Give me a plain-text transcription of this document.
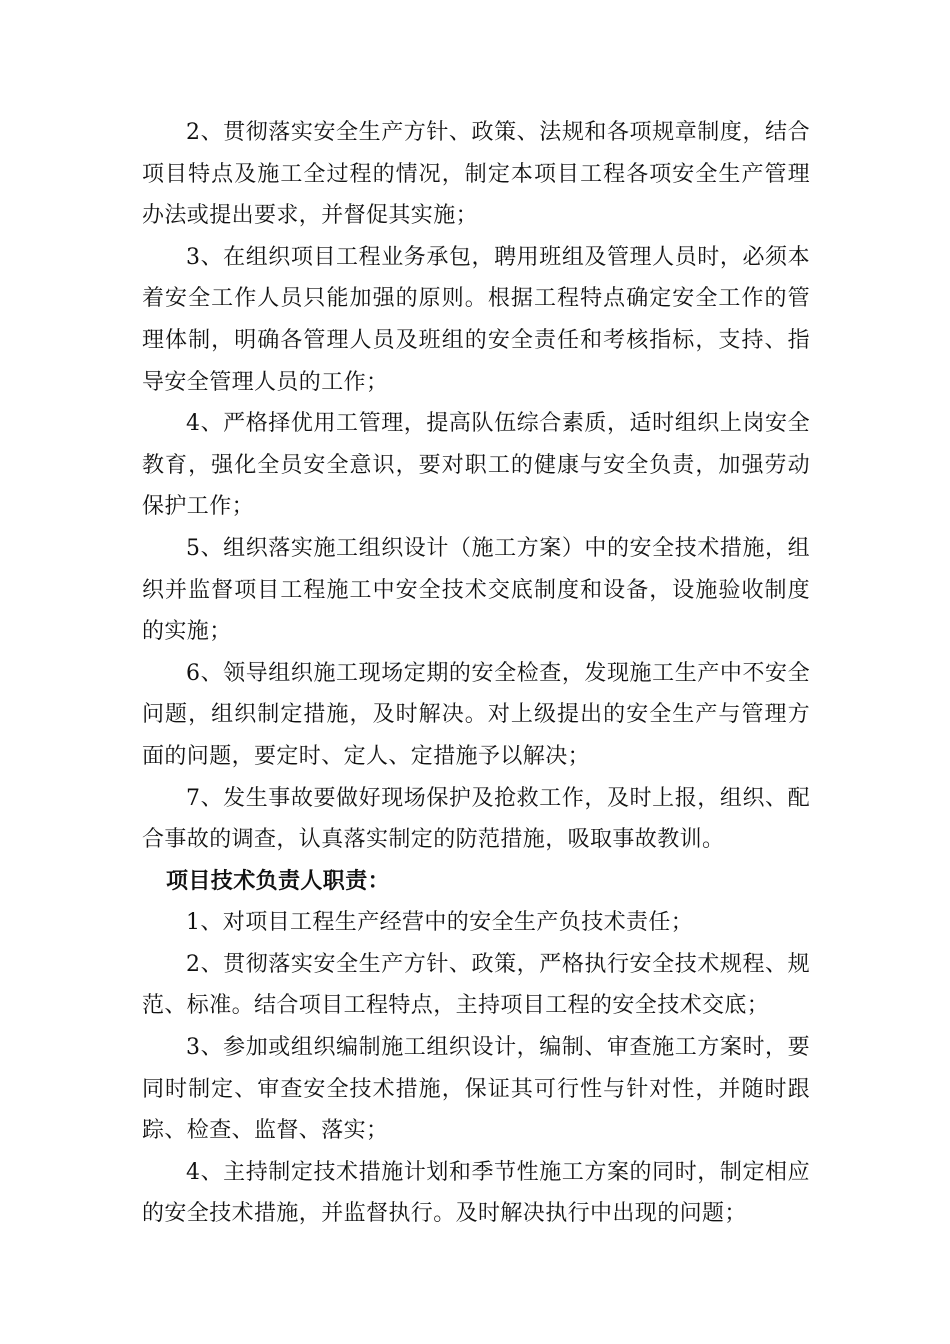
2、贯彻落实安全生产方针、政策、法规和各项规章制度，结合项目特点及施工全过程的情况，制定本项目工程各项安全生产管理办法或提出要求，并督促其实施；

3、在组织项目工程业务承包，聘用班组及管理人员时，必须本着安全工作人员只能加强的原则。根据工程特点确定安全工作的管理体制，明确各管理人员及班组的安全责任和考核指标，支持、指导安全管理人员的工作；

4、严格择优用工管理，提高队伍综合素质，适时组织上岗安全教育，强化全员安全意识，要对职工的健康与安全负责，加强劳动保护工作；

5、组织落实施工组织设计（施工方案）中的安全技术措施，组织并监督项目工程施工中安全技术交底制度和设备，设施验收制度的实施；

6、领导组织施工现场定期的安全检查，发现施工生产中不安全问题，组织制定措施，及时解决。对上级提出的安全生产与管理方面的问题，要定时、定人、定措施予以解决；

7、发生事故要做好现场保护及抢救工作，及时上报，组织、配合事故的调查，认真落实制定的防范措施，吸取事故教训。

项目技术负责人职责：

1、对项目工程生产经营中的安全生产负技术责任；

2、贯彻落实安全生产方针、政策，严格执行安全技术规程、规范、标准。结合项目工程特点，主持项目工程的安全技术交底；

3、参加或组织编制施工组织设计，编制、审查施工方案时，要同时制定、审查安全技术措施，保证其可行性与针对性，并随时跟踪、检查、监督、落实；

4、主持制定技术措施计划和季节性施工方案的同时，制定相应的安全技术措施，并监督执行。及时解决执行中出现的问题；
